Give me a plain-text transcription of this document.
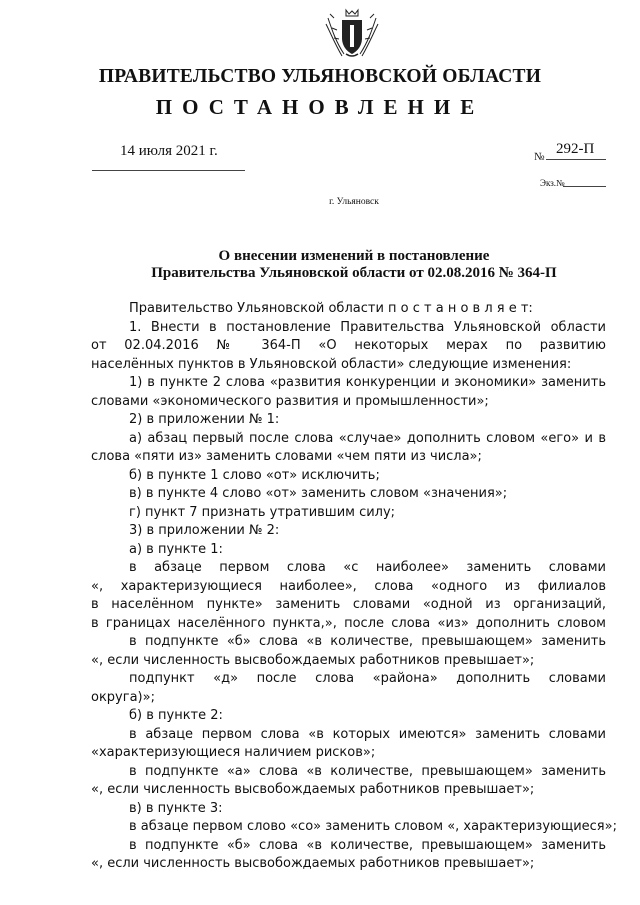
ПРАВИТЕЛЬСТВО УЛЬЯНОВСКОЙ ОБЛАСТИ
ПОСТАНОВЛЕНИЕ
14 июля 2021 г.	№ 292-П
Экз.№
г. Ульяновск
О внесении изменений в постановление
Правительства Ульяновской области от 02.08.2016 № 364-П
Правительство Ульяновской области п о с т а н о в л я е т:
1. Внести в постановление Правительства Ульяновской области
от 02.04.2016 № 364-П «О некоторых мерах по развитию
населённых пунктов в Ульяновской области» следующие изменения:
1) в пункте 2 слова «развития конкуренции и экономики» заменить
словами «экономического развития и промышленности»;
2) в приложении № 1:
а) абзац первый после слова «случае» дополнить словом «его» и в
слова «пяти из» заменить словами «чем пяти из числа»;
б) в пункте 1 слово «от» исключить;
в) в пункте 4 слово «от» заменить словом «значения»;
г) пункт 7 признать утратившим силу;
3) в приложении № 2:
а) в пункте 1:
в абзаце первом слова «с наиболее» заменить словами
«, характеризующиеся наиболее», слова «одного из филиалов
в населённом пункте» заменить словами «одной из организаций,
в границах населённого пункта,», после слова «из» дополнить словом
в подпункте «б» слова «в количестве, превышающем» заменить
«, если численность высвобождаемых работников превышает»;
подпункт «д» после слова «района» дополнить словами
округа)»;
б) в пункте 2:
в абзаце первом слова «в которых имеются» заменить словами
«характеризующиеся наличием рисков»;
в подпункте «а» слова «в количестве, превышающем» заменить
«, если численность высвобождаемых работников превышает»;
в) в пункте 3:
в абзаце первом слово «со» заменить словом «, характеризующиеся»;
в подпункте «б» слова «в количестве, превышающем» заменить
«, если численность высвобождаемых работников превышает»;
